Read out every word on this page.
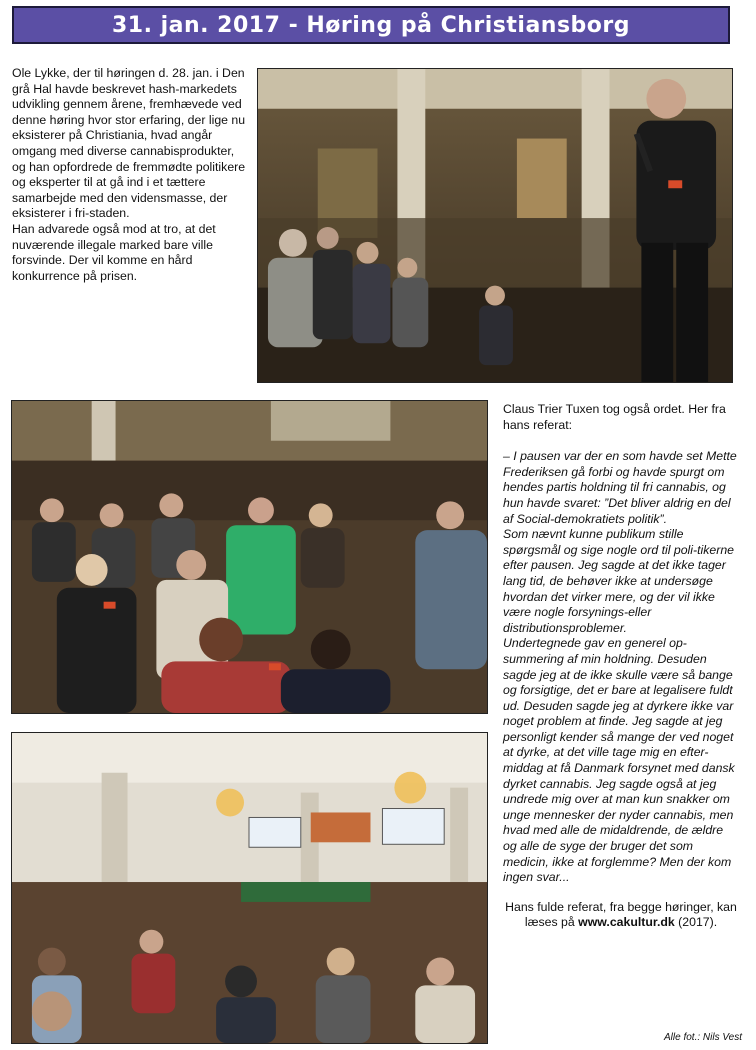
31. jan. 2017 - Høring på Christiansborg

Ole Lykke, der til høringen d. 28. jan. i Den grå Hal havde beskrevet hash-markedets udvikling gennem årene, fremhævede ved denne høring hvor stor erfaring, der lige nu eksisterer på Christiania, hvad angår omgang med diverse cannabisprodukter, og han opfordrede de fremmødte politikere og eksperter til at gå ind i et tættere samarbejde med den vidensmasse, der eksisterer i fri-staden.

Han advarede også mod at tro, at det nuværende illegale marked bare ville forsvinde. Der vil komme en hård konkurrence på prisen.

Claus Trier Tuxen tog også ordet. Her fra hans referat:

– I pausen var der en som havde set Mette Frederiksen gå forbi og havde spurgt om hendes partis holdning til fri cannabis, og hun havde svaret: ”Det bliver aldrig en del af Social-demokratiets politik”.

Som nævnt kunne publikum stille spørgsmål og sige nogle ord til poli-tikerne efter pausen. Jeg sagde at det ikke tager lang tid, de behøver ikke at undersøge hvordan det virker mere, og der vil ikke være nogle forsynings-eller distributionsproblemer.

Undertegnede gav en generel op-summering af min holdning. Desuden sagde jeg at de ikke skulle være så bange og forsigtige, det er bare at legalisere fuldt ud. Desuden sagde jeg at dyrkere ikke var noget problem at finde. Jeg sagde at jeg personligt kender så mange der ved noget at dyrke, at det ville tage mig en efter-middag at få Danmark forsynet med dansk dyrket cannabis. Jeg sagde også at jeg undrede mig over at man kun snakker om unge mennesker der nyder cannabis, men hvad med alle de midaldrende, de ældre og alle de syge der bruger det som medicin, ikke at forglemme? Men der kom ingen svar...

Hans fulde referat, fra begge høringer, kan læses på www.cakultur.dk (2017).

Alle fot.: Nils Vest
